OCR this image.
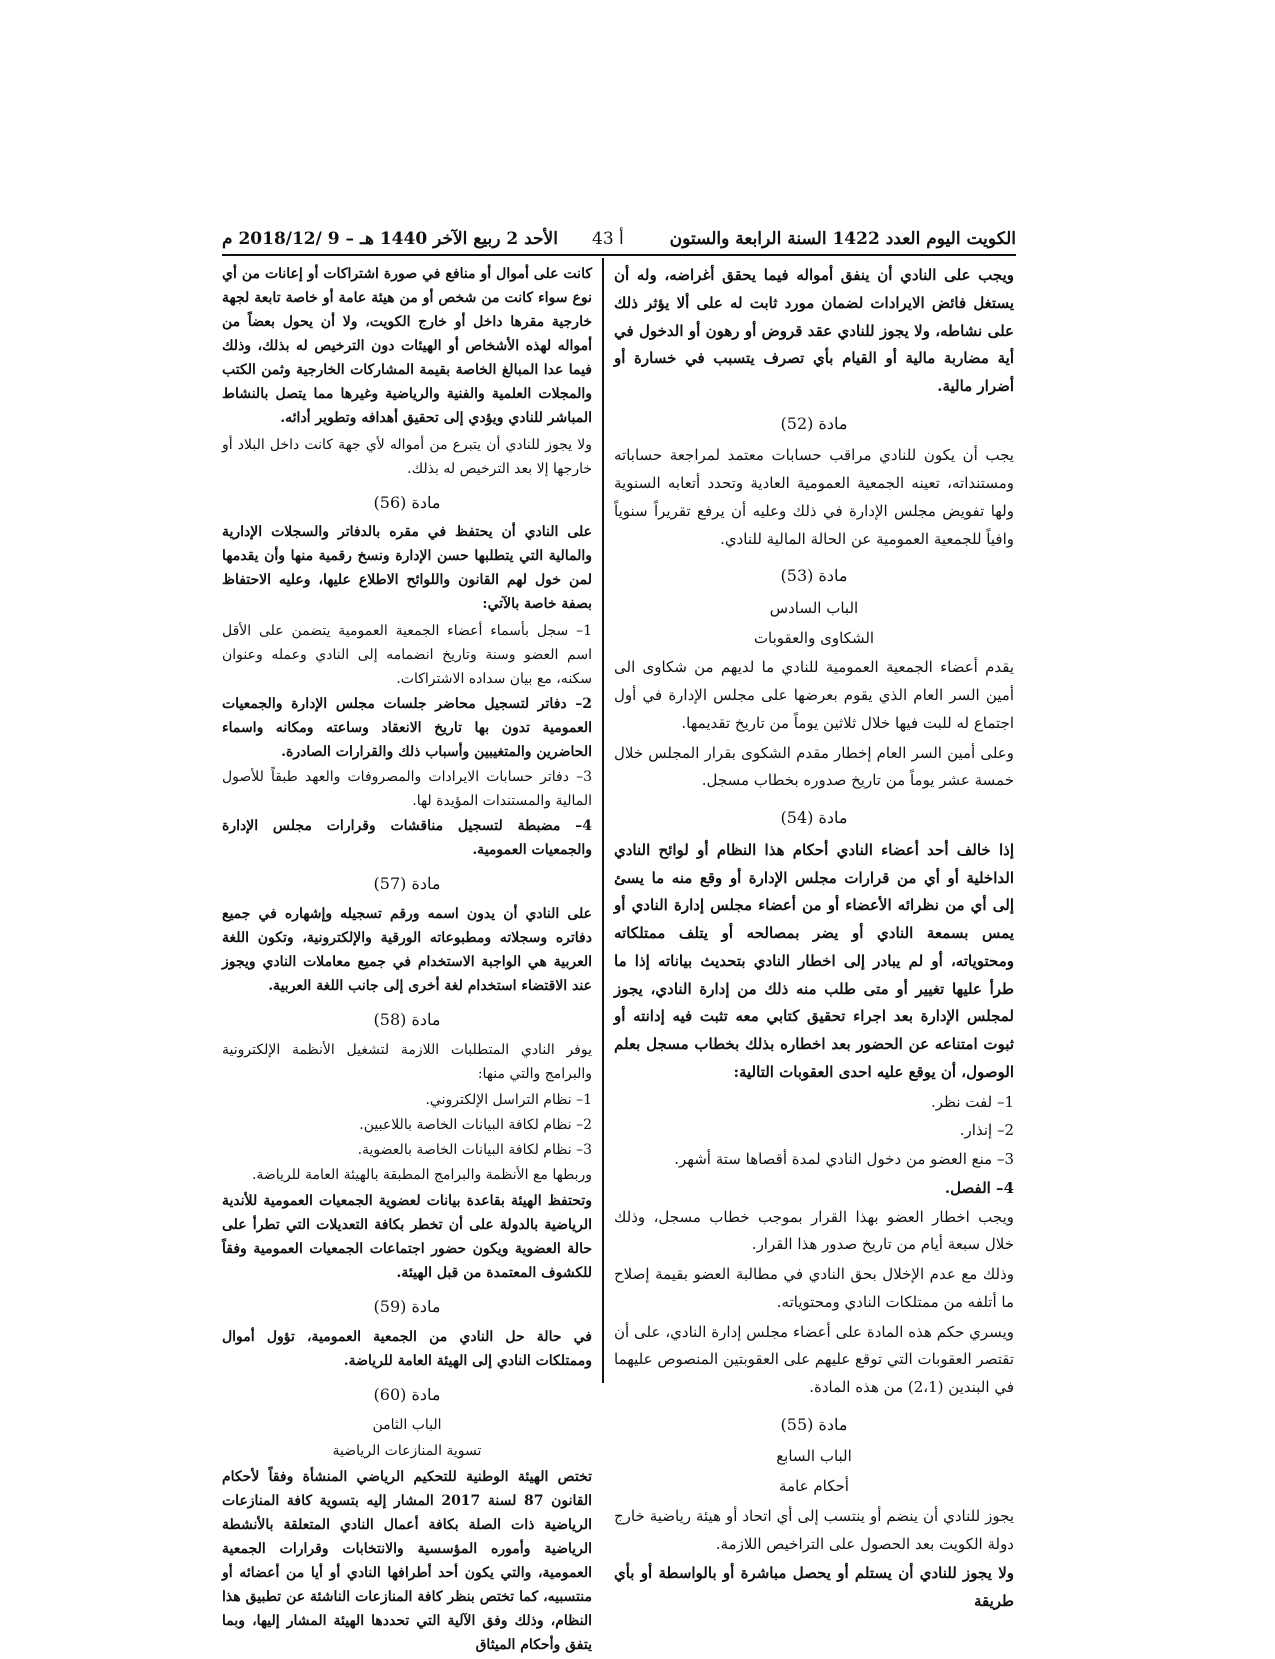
الكويت اليوم العدد 1422 السنة الرابعة والستون
أ 43
الأحد 2 ربيع الآخر 1440 هـ – 9 /2018/12 م

ويجب على النادي أن ينفق أمواله فيما يحقق أغراضه، وله أن يستغل فائض الايرادات لضمان مورد ثابت له على ألا يؤثر ذلك على نشاطه، ولا يجوز للنادي عقد قروض أو رهون أو الدخول في أية مضاربة مالية أو القيام بأي تصرف يتسبب في خسارة أو أضرار مالية.

مادة (52)

يجب أن يكون للنادي مراقب حسابات معتمد لمراجعة حساباته ومستنداته، تعينه الجمعية العمومية العادية وتحدد أتعابه السنوية ولها تفويض مجلس الإدارة في ذلك وعليه أن يرفع تقريراً سنوياً وافياً للجمعية العمومية عن الحالة المالية للنادي.

مادة (53)

الباب السادس

الشكاوى والعقوبات

يقدم أعضاء الجمعية العمومية للنادي ما لديهم من شكاوى الى أمين السر العام الذي يقوم بعرضها على مجلس الإدارة في أول اجتماع له للبت فيها خلال ثلاثين يوماً من تاريخ تقديمها.

وعلى أمين السر العام إخطار مقدم الشكوى بقرار المجلس خلال خمسة عشر يوماً من تاريخ صدوره بخطاب مسجل.

مادة (54)

إذا خالف أحد أعضاء النادي أحكام هذا النظام أو لوائح النادي الداخلية أو أي من قرارات مجلس الإدارة أو وقع منه ما يسئ إلى أي من نظرائه الأعضاء أو من أعضاء مجلس إدارة النادي أو يمس بسمعة النادي أو يضر بمصالحه أو يتلف ممتلكاته ومحتوياته، أو لم يبادر إلى اخطار النادي بتحديث بياناته إذا ما طرأ عليها تغيير أو متى طلب منه ذلك من إدارة النادي، يجوز لمجلس الإدارة بعد اجراء تحقيق كتابي معه تثبت فيه إدانته أو ثبوت امتناعه عن الحضور بعد اخطاره بذلك بخطاب مسجل بعلم الوصول، أن يوقع عليه احدى العقوبات التالية:

1– لفت نظر.

2– إنذار.

3– منع العضو من دخول النادي لمدة أقصاها ستة أشهر.

4– الفصل.

ويجب اخطار العضو بهذا القرار بموجب خطاب مسجل، وذلك خلال سبعة أيام من تاريخ صدور هذا القرار.

وذلك مع عدم الإخلال بحق النادي في مطالبة العضو بقيمة إصلاح ما أتلفه من ممتلكات النادي ومحتوياته.

ويسري حكم هذه المادة على أعضاء مجلس إدارة النادي، على أن تقتصر العقوبات التي توقع عليهم على العقوبتين المنصوص عليهما في البندين (2،1) من هذه المادة.

مادة (55)

الباب السابع

أحكام عامة

يجوز للنادي أن ينضم أو ينتسب إلى أي اتحاد أو هيئة رياضية خارج دولة الكويت بعد الحصول على التراخيص اللازمة.

ولا يجوز للنادي أن يستلم أو يحصل مباشرة أو بالواسطة أو بأي طريقة

كانت على أموال أو منافع في صورة اشتراكات أو إعانات من أي نوع سواء كانت من شخص أو من هيئة عامة أو خاصة تابعة لجهة خارجية مقرها داخل أو خارج الكويت، ولا أن يحول بعضاً من أمواله لهذه الأشخاص أو الهيئات دون الترخيص له بذلك، وذلك فيما عدا المبالغ الخاصة بقيمة المشاركات الخارجية وثمن الكتب والمجلات العلمية والفنية والرياضية وغيرها مما يتصل بالنشاط المباشر للنادي ويؤدي إلى تحقيق أهدافه وتطوير أدائه.

ولا يجوز للنادي أن يتبرع من أمواله لأي جهة كانت داخل البلاد أو خارجها إلا بعد الترخيص له بذلك.

مادة (56)

على النادي أن يحتفظ في مقره بالدفاتر والسجلات الإدارية والمالية التي يتطلبها حسن الإدارة ونسخ رقمية منها وأن يقدمها لمن خول لهم القانون واللوائح الاطلاع عليها، وعليه الاحتفاظ بصفة خاصة بالآتي:

1– سجل بأسماء أعضاء الجمعية العمومية يتضمن على الأقل اسم العضو وسنة وتاريخ انضمامه إلى النادي وعمله وعنوان سكنه، مع بيان سداده الاشتراكات.

2– دفاتر لتسجيل محاضر جلسات مجلس الإدارة والجمعيات العمومية تدون بها تاريخ الانعقاد وساعته ومكانه واسماء الحاضرين والمتغيبين وأسباب ذلك والقرارات الصادرة.

3– دفاتر حسابات الايرادات والمصروفات والعهد طبقاً للأصول المالية والمستندات المؤيدة لها.

4– مضبطة لتسجيل مناقشات وقرارات مجلس الإدارة والجمعيات العمومية.

مادة (57)

على النادي أن يدون اسمه ورقم تسجيله وإشهاره في جميع دفاتره وسجلاته ومطبوعاته الورقية والإلكترونية، وتكون اللغة العربية هي الواجبة الاستخدام في جميع معاملات النادي ويجوز عند الاقتضاء استخدام لغة أخرى إلى جانب اللغة العربية.

مادة (58)

يوفر النادي المتطلبات اللازمة لتشغيل الأنظمة الإلكترونية والبرامج والتي منها:

1– نظام التراسل الإلكتروني.

2– نظام لكافة البيانات الخاصة باللاعبين.

3– نظام لكافة البيانات الخاصة بالعضوية.

وربطها مع الأنظمة والبرامج المطبقة بالهيئة العامة للرياضة.

وتحتفظ الهيئة بقاعدة بيانات لعضوية الجمعيات العمومية للأندية الرياضية بالدولة على أن تخطر بكافة التعديلات التي تطرأ على حالة العضوية ويكون حضور اجتماعات الجمعيات العمومية وفقاً للكشوف المعتمدة من قبل الهيئة.

مادة (59)

في حالة حل النادي من الجمعية العمومية، تؤول أموال وممتلكات النادي إلى الهيئة العامة للرياضة.

مادة (60)

الباب الثامن

تسوية المنازعات الرياضية

تختص الهيئة الوطنية للتحكيم الرياضي المنشأة وفقاً لأحكام القانون 87 لسنة 2017 المشار إليه بتسوية كافة المنازعات الرياضية ذات الصلة بكافة أعمال النادي المتعلقة بالأنشطة الرياضية وأموره المؤسسية والانتخابات وقرارات الجمعية العمومية، والتي يكون أحد أطرافها النادي أو أيا من أعضائه أو منتسبيه، كما تختص بنظر كافة المنازعات الناشئة عن تطبيق هذا النظام، وذلك وفق الآلية التي تحددها الهيئة المشار إليها، وبما يتفق وأحكام الميثاق
